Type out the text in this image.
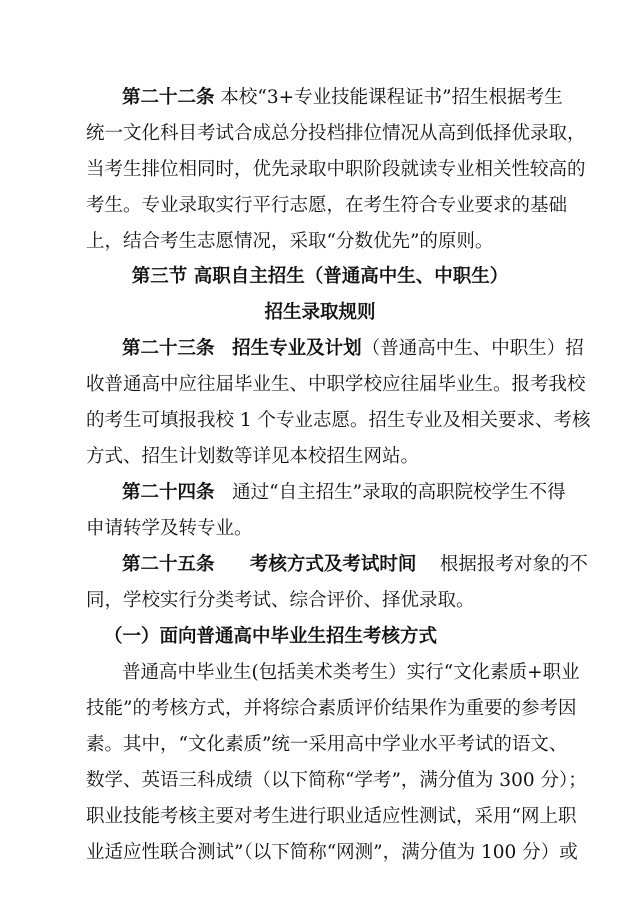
第二十二条 本校“3+专业技能课程证书”招生根据考生
统一文化科目考试合成总分投档排位情况从高到低择优录取，
当考生排位相同时，优先录取中职阶段就读专业相关性较高的
考生。专业录取实行平行志愿，在考生符合专业要求的基础
上，结合考生志愿情况，采取“分数优先”的原则。
第三节 高职自主招生（普通高中生、中职生）
招生录取规则
第二十三条 招生专业及计划（普通高中生、中职生）招
收普通高中应往届毕业生、中职学校应往届毕业生。报考我校
的考生可填报我校 1 个专业志愿。招生专业及相关要求、考核
方式、招生计划数等详见本校招生网站。
第二十四条 通过“自主招生”录取的高职院校学生不得
申请转学及转专业。
第二十五条 考核方式及考试时间 根据报考对象的不
同，学校实行分类考试、综合评价、择优录取。
（一）面向普通高中毕业生招生考核方式
普通高中毕业生(包括美术类考生）实行“文化素质+职业
技能”的考核方式，并将综合素质评价结果作为重要的参考因
素。其中，“文化素质”统一采用高中学业水平考试的语文、
数学、英语三科成绩（以下简称“学考”，满分值为 300 分）；
职业技能考核主要对考生进行职业适应性测试，采用“网上职
业适应性联合测试”（以下简称“网测”，满分值为 100 分）或
